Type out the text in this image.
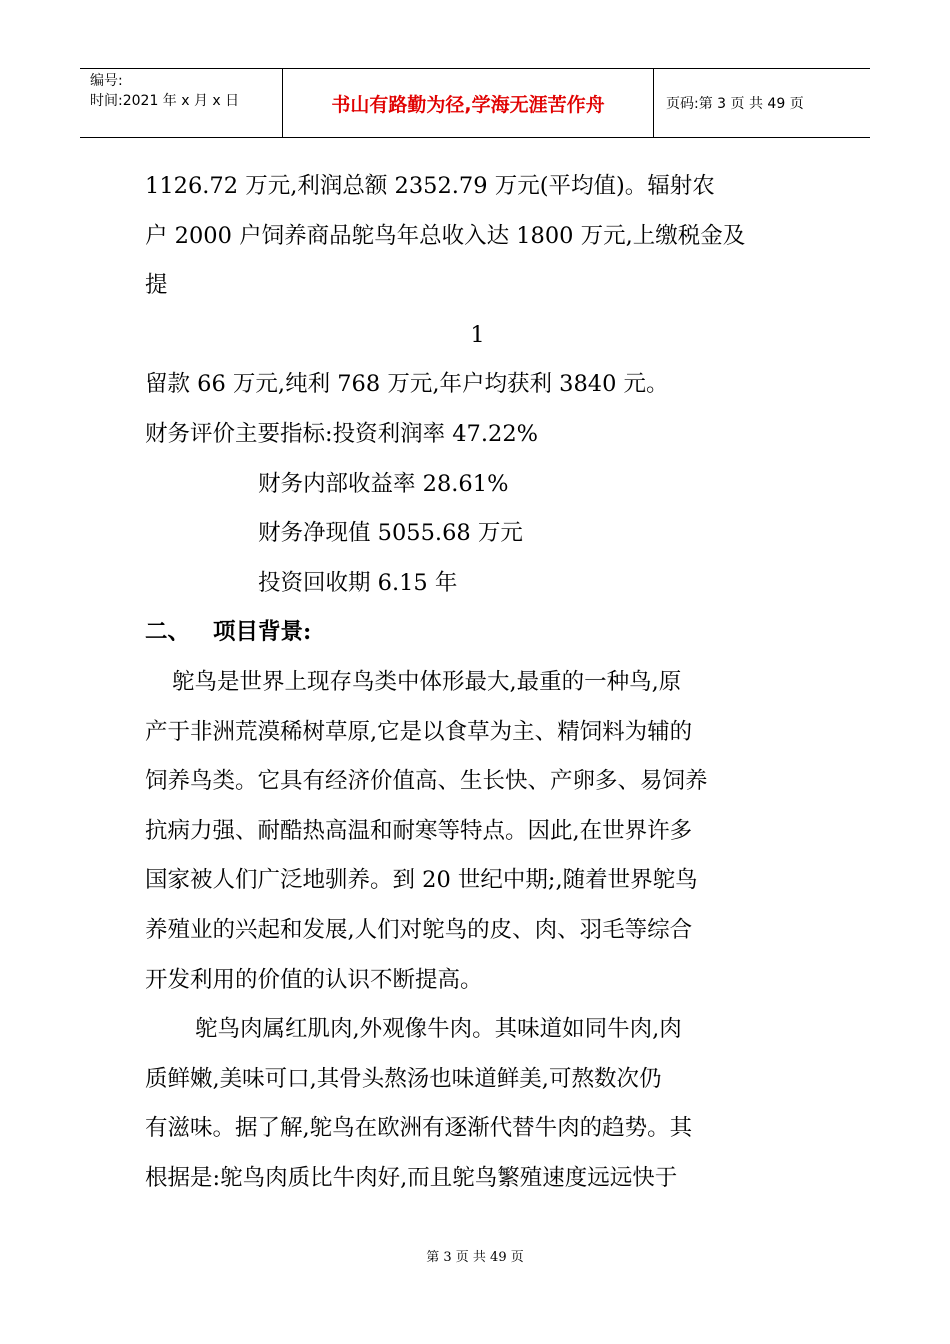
编号:
时间:2021 年 x 月 x 日	书山有路勤为径,学海无涯苦作舟	页码:第 3 页 共 49 页

1126.72 万元,利润总额 2352.79 万元(平均值)。辐射农

户 2000 户饲养商品鸵鸟年总收入达 1800 万元,上缴税金及

提

1

留款 66 万元,纯利 768 万元,年户均获利 3840 元。

财务评价主要指标:投资利润率 47.22%

财务内部收益率 28.61%

财务净现值 5055.68 万元

投资回收期 6.15 年

二、 项目背景:

鸵鸟是世界上现存鸟类中体形最大,最重的一种鸟,原

产于非洲荒漠稀树草原,它是以食草为主、精饲料为辅的

饲养鸟类。它具有经济价值高、生长快、产卵多、易饲养

抗病力强、耐酷热高温和耐寒等特点。因此,在世界许多

国家被人们广泛地驯养。到 20 世纪中期;,随着世界鸵鸟

养殖业的兴起和发展,人们对鸵鸟的皮、肉、羽毛等综合

开发利用的价值的认识不断提高。

鸵鸟肉属红肌肉,外观像牛肉。其味道如同牛肉,肉

质鲜嫩,美味可口,其骨头熬汤也味道鲜美,可熬数次仍

有滋味。据了解,鸵鸟在欧洲有逐渐代替牛肉的趋势。其

根据是:鸵鸟肉质比牛肉好,而且鸵鸟繁殖速度远远快于

第 3 页 共 49 页
